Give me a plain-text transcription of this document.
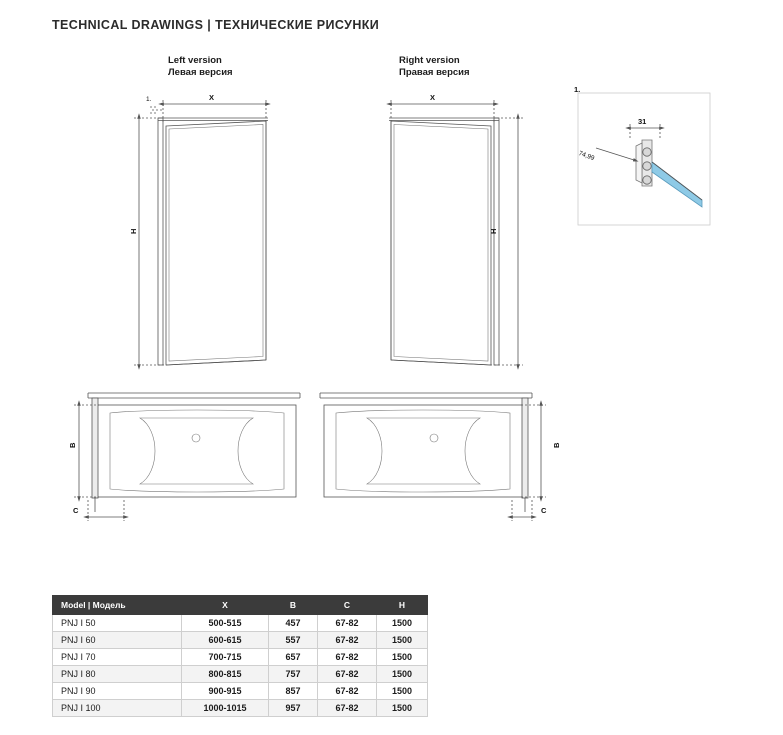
TECHNICAL DRAWINGS | ТЕХНИЧЕСКИЕ РИСУНКИ
Left version
Левая версия
Right version
Правая версия
1.
X
H
1.	X
H
31
74,99
B
C
B
C
Model | Модель	X	B	C	H
PNJ I 50	500-515	457	67-82	1500
PNJ I 60	600-615	557	67-82	1500
PNJ I 70	700-715	657	67-82	1500
PNJ I 80	800-815	757	67-82	1500
PNJ I 90	900-915	857	67-82	1500
PNJ I 100	1000-1015	957	67-82	1500
